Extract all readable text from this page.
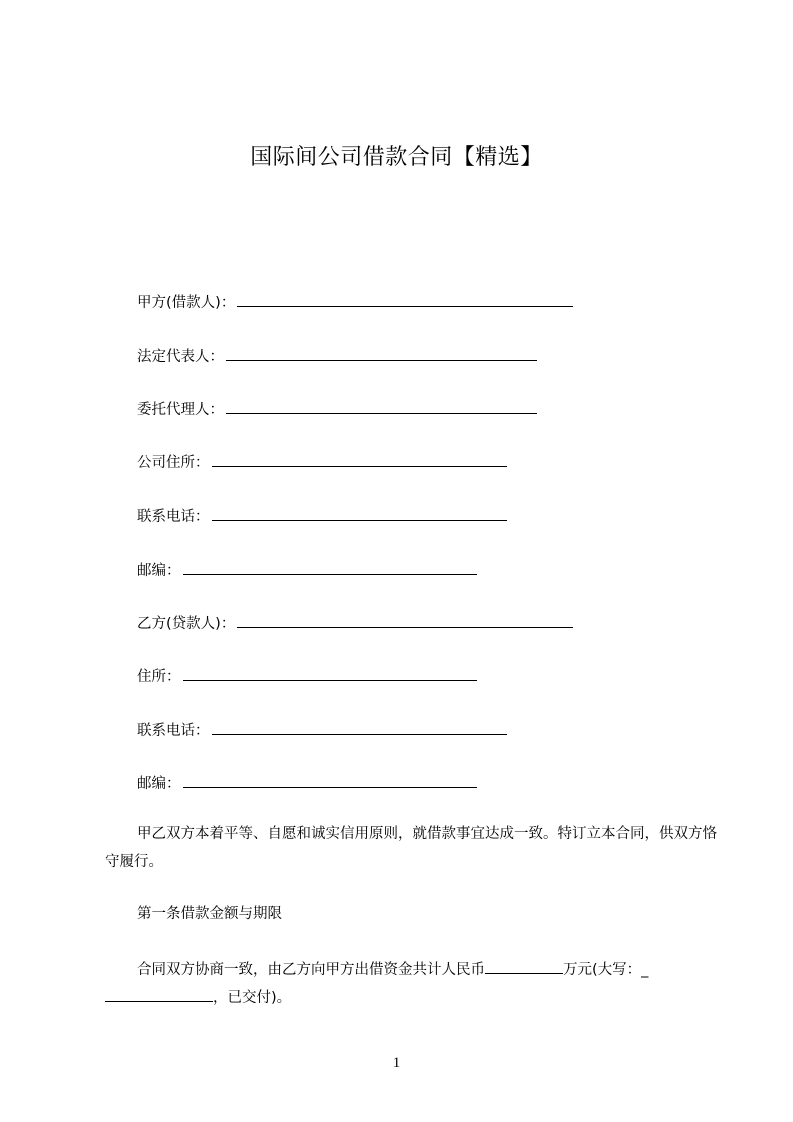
国际间公司借款合同【精选】
甲方(借款人)：
法定代表人：
委托代理人：
公司住所：
联系电话：
邮编：
乙方(贷款人)：
住所：
联系电话：
邮编：
甲乙双方本着平等、自愿和诚实信用原则，就借款事宜达成一致。特订立本合同，供双方恪守履行。
第一条借款金额与期限
合同双方协商一致，由乙方向甲方出借资金共计人民币	万元(大写：_
，已交付)。
1
